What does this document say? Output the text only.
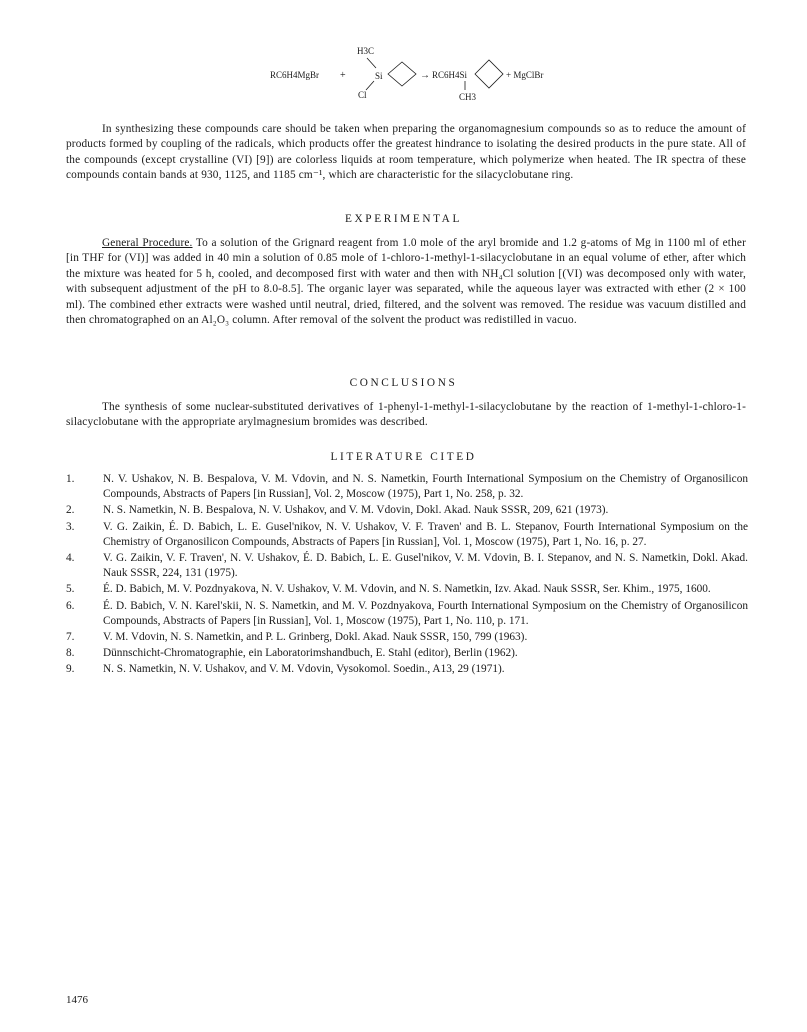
H3C
RC6H4MgBr +	Si
Cl
→ RC6H4Si
CH3
+ MgClBr

In synthesizing these compounds care should be taken when preparing the organomagnesium compounds so as to reduce the amount of products formed by coupling of the radicals, which products offer the greatest hindrance to isolating the desired products in the pure state. All of the compounds (except crystalline (VI) [9]) are colorless liquids at room temperature, which polymerize when heated. The IR spectra of these compounds contain bands at 930, 1125, and 1185 cm⁻¹, which are characteristic for the silacyclobutane ring.

EXPERIMENTAL

General Procedure. To a solution of the Grignard reagent from 1.0 mole of the aryl bromide and 1.2 g-atoms of Mg in 1100 ml of ether [in THF for (VI)] was added in 40 min a solution of 0.85 mole of 1-chloro-1-methyl-1-silacyclobutane in an equal volume of ether, after which the mixture was heated for 5 h, cooled, and decomposed first with water and then with NH₄Cl solution [(VI) was decomposed only with water, with subsequent adjustment of the pH to 8.0-8.5]. The organic layer was separated, while the aqueous layer was extracted with ether (2 × 100 ml). The combined ether extracts were washed until neutral, dried, filtered, and the solvent was removed. The residue was vacuum distilled and then chromatographed on an Al₂O₃ column. After removal of the solvent the product was redistilled in vacuo.

CONCLUSIONS

The synthesis of some nuclear-substituted derivatives of 1-phenyl-1-methyl-1-silacyclobutane by the reaction of 1-methyl-1-chloro-1-silacyclobutane with the appropriate arylmagnesium bromides was described.

LITERATURE CITED
1.	N. V. Ushakov, N. B. Bespalova, V. M. Vdovin, and N. S. Nametkin, Fourth International Symposium on the Chemistry of Organosilicon Compounds, Abstracts of Papers [in Russian], Vol. 2, Moscow (1975), Part 1, No. 258, p. 32.
2.	N. S. Nametkin, N. B. Bespalova, N. V. Ushakov, and V. M. Vdovin, Dokl. Akad. Nauk SSSR, 209, 621 (1973).
3.	V. G. Zaikin, É. D. Babich, L. E. Gusel'nikov, N. V. Ushakov, V. F. Traven' and B. L. Stepanov, Fourth International Symposium on the Chemistry of Organosilicon Compounds, Abstracts of Papers [in Russian], Vol. 1, Moscow (1975), Part 1, No. 16, p. 27.
4.	V. G. Zaikin, V. F. Traven', N. V. Ushakov, É. D. Babich, L. E. Gusel'nikov, V. M. Vdovin, B. I. Stepanov, and N. S. Nametkin, Dokl. Akad. Nauk SSSR, 224, 131 (1975).
5.	É. D. Babich, M. V. Pozdnyakova, N. V. Ushakov, V. M. Vdovin, and N. S. Nametkin, Izv. Akad. Nauk SSSR, Ser. Khim., 1975, 1600.
6.	É. D. Babich, V. N. Karel'skii, N. S. Nametkin, and M. V. Pozdnyakova, Fourth International Symposium on the Chemistry of Organosilicon Compounds, Abstracts of Papers [in Russian], Vol. 1, Moscow (1975), Part 1, No. 110, p. 171.
7.	V. M. Vdovin, N. S. Nametkin, and P. L. Grinberg, Dokl. Akad. Nauk SSSR, 150, 799 (1963).
8.	Dünnschicht-Chromatographie, ein Laboratorimshandbuch, E. Stahl (editor), Berlin (1962).
9.	N. S. Nametkin, N. V. Ushakov, and V. M. Vdovin, Vysokomol. Soedin., A13, 29 (1971).
1476
